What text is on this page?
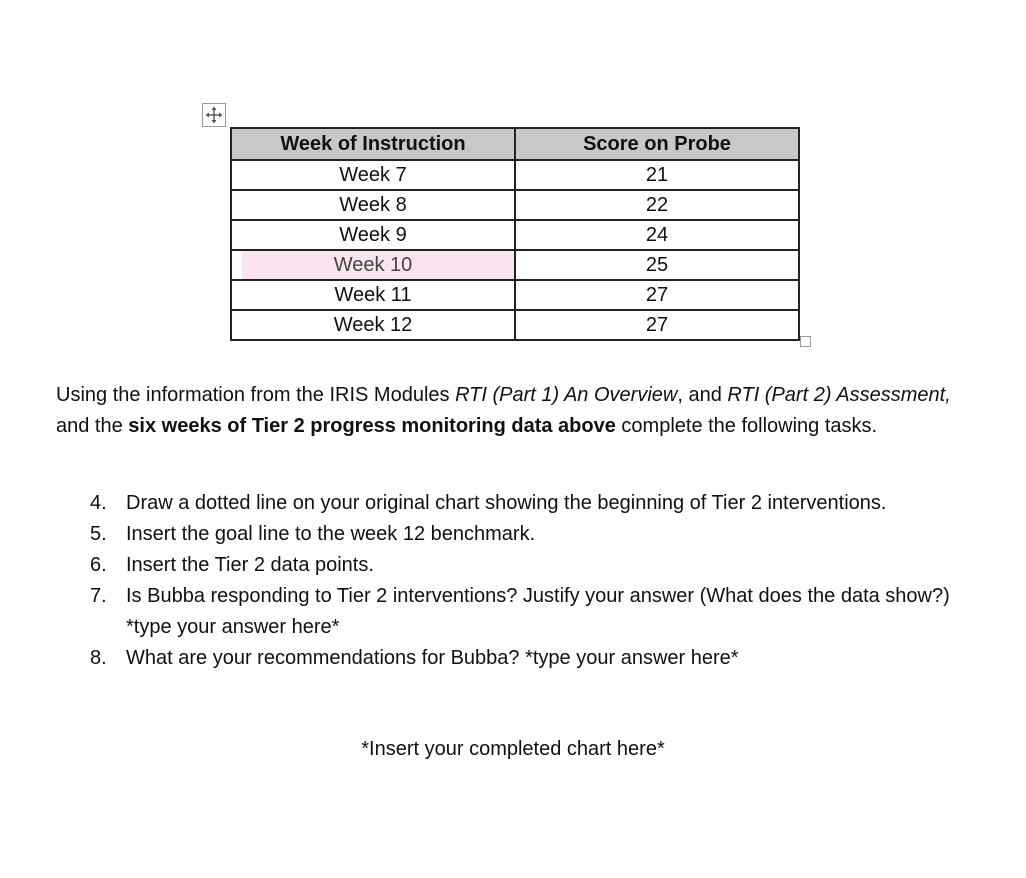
Week of Instruction	Score on Probe
Week 7	21
Week 8	22
Week 9	24
Week 10	25
Week 11	27
Week 12	27

Using the information from the IRIS Modules RTI (Part 1) An Overview, and RTI (Part 2) Assessment, and the six weeks of Tier 2 progress monitoring data above complete the following tasks.

4. Draw a dotted line on your original chart showing the beginning of Tier 2 interventions.
5. Insert the goal line to the week 12 benchmark.
6. Insert the Tier 2 data points.
7. Is Bubba responding to Tier 2 interventions? Justify your answer (What does the data show?) *type your answer here*
8. What are your recommendations for Bubba? *type your answer here*
*Insert your completed chart here*
